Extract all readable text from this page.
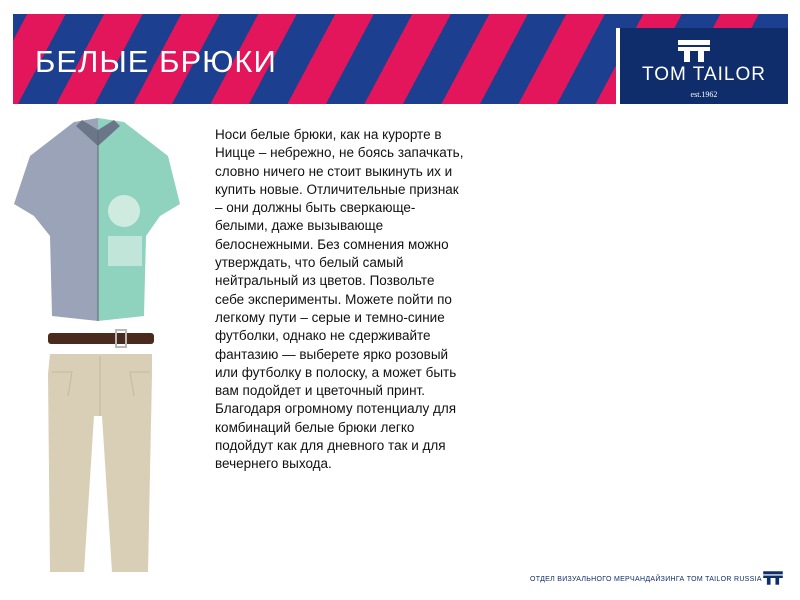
БЕЛЫЕ БРЮКИ	TOM TAILOR
est.1962
Носи белые брюки, как на курорте в Ницце – небрежно, не боясь запачкать, словно ничего не стоит выкинуть их и купить новые. Отличительные признак – они должны быть сверкающе-белыми, даже вызывающе белоснежными. Без сомнения можно утверждать, что белый самый нейтральный из цветов. Позвольте себе эксперименты. Можете пойти по легкому пути – серые и темно-синие футболки, однако не сдерживайте фантазию — выберете ярко розовый или футболку в полоску, а может быть вам подойдет и цветочный принт. Благодаря огромному потенциалу для комбинаций белые брюки легко подойдут как для дневного так и для вечернего выхода.
ОТДЕЛ ВИЗУАЛЬНОГО МЕРЧАНДАЙЗИНГА TOM TAILOR RUSSIA
